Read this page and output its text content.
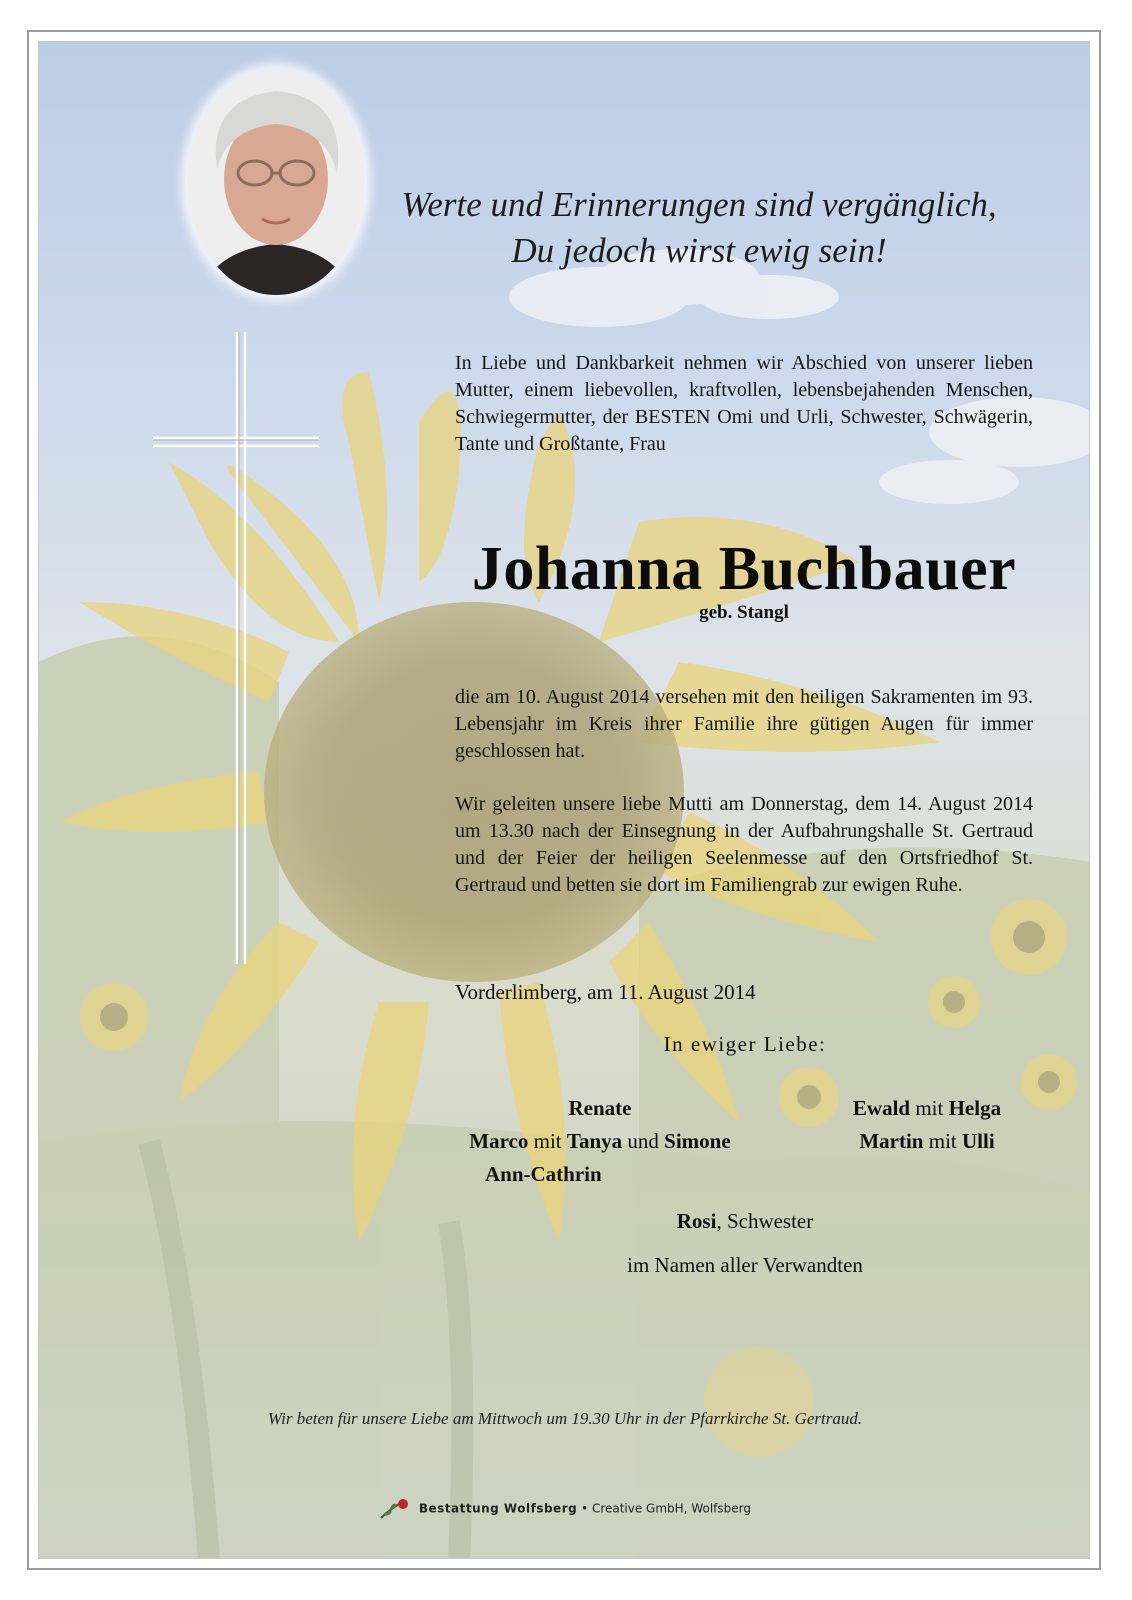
Werte und Erinnerungen sind vergänglich,
Du jedoch wirst ewig sein!
In Liebe und Dankbarkeit nehmen wir Abschied von unserer lieben Mutter, einem liebevollen, kraftvollen, lebensbejahenden Menschen, Schwiegermutter, der BESTEN Omi und Urli, Schwester, Schwägerin, Tante und Großtante, Frau
Johanna Buchbauer
geb. Stangl
die am 10. August 2014 versehen mit den heiligen Sakramenten im 93. Lebensjahr im Kreis ihrer Familie ihre gütigen Augen für immer geschlossen hat.
Wir geleiten unsere liebe Mutti am Donnerstag, dem 14. August 2014 um 13.30 nach der Einsegnung in der Aufbahrungshalle St. Gertraud und der Feier der heiligen Seelenmesse auf den Ortsfriedhof St. Gertraud und betten sie dort im Familiengrab zur ewigen Ruhe.
Vorderlimberg, am 11. August 2014
In ewiger Liebe:
Renate
Marco mit Tanya und Simone
Ann-Cathrin
Ewald mit Helga
Martin mit Ulli
Rosi, Schwester
im Namen aller Verwandten
Wir beten für unsere Liebe am Mittwoch um 19.30 Uhr in der Pfarrkirche St. Gertraud.
Bestattung Wolfsberg • Creative GmbH, Wolfsberg
